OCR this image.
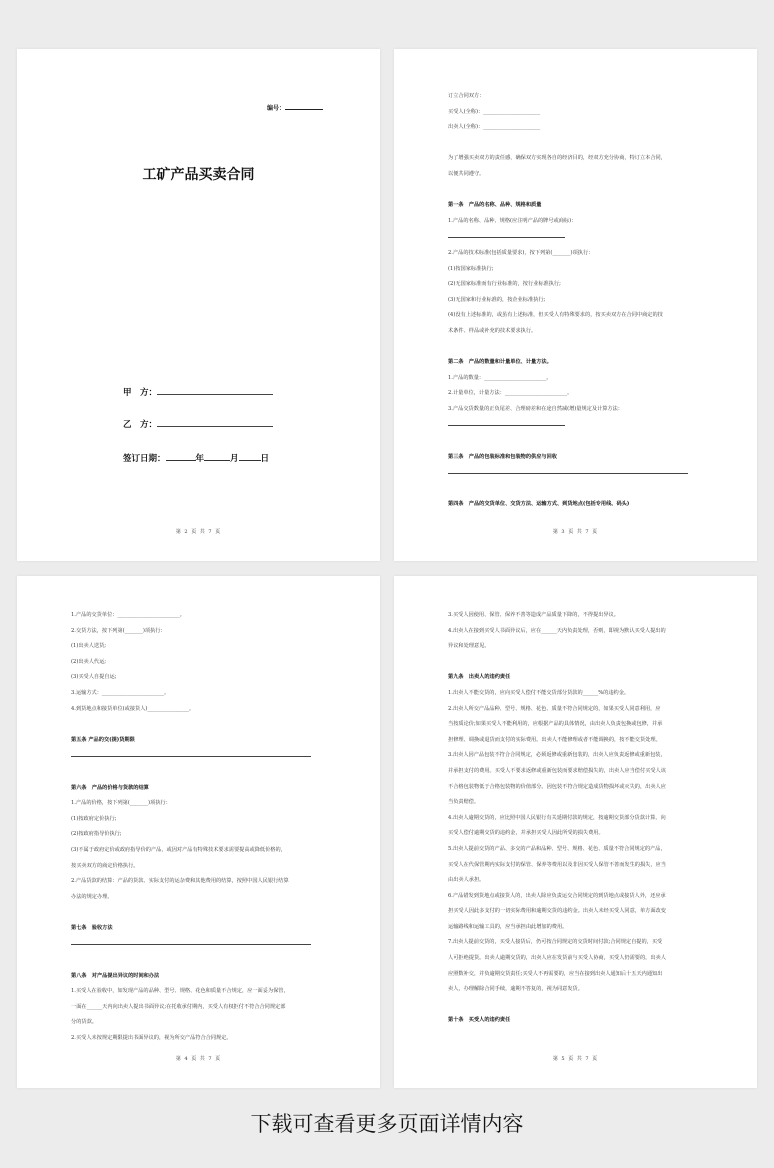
编号：
工矿产品买卖合同
甲　方：
乙　方：
签订日期：	年	月	日
第 2 页 共 7 页

订立合同双方：

买受人(全称)：______________________

出卖人(全称)：______________________

为了增强买卖双方的责任感，确保双方实现各自的经济目的，经双方充分协商，特订立本合同，

以便共同遵守。

第一条　产品的名称、品种、规格和质量

1.产品的名称、品种、规格(应注明产品的牌号或商标)：

2.产品的技术标准(包括质量要求)，按下列第(_______)项执行：

(1)按国家标准执行;

(2)无国家标准而有行业标准的，按行业标准执行;

(3)无国家和行业标准的，按企业标准执行;

(4)没有上述标准的，或虽有上述标准，但买受人有特殊要求的，按买卖双方在合同中商定的技

术条件、样品或补充的技术要求执行。

第二条　产品的数量和计量单位、计量方法。

1.产品的数量：________________________。

2.计量单位，计量方法：________________________。

3.产品交货数量的正负尾差、合理磅差和在途自然减(增)量规定及计算方法：

第三条　产品的包装标准和包装物的供应与回收

第四条　产品的交货单位、交货方法、运输方式、到货地点(包括专用线、码头)

第 3 页 共 7 页

1.产品的交货单位：________________________。

2.交货方法，按下列第(_______)项执行：

(1)出卖人送货;

(2)出卖人代运;

(3)买受人自提自运;

3.运输方式：________________________。

4.到货地点和接货单位(或接货人)________________。

第五条 产品的交(提)货期限

第六条　产品的价格与货款的结算

1.产品的价格，按下列第(_______)项执行：

(1)按政府定价执行;

(2)按政府指导价执行;

(3)不属于政府定价或政府指导价的产品，或因对产品有特殊技术要求需要提高或降低价格的，

按买卖双方的商定价格执行。

2.产品货款的结算：产品的货款、实际支付的运杂费和其他费用的结算，按照中国人民银行结算

办法的规定办理。

第七条　验收方法

第八条　对产品提出异议的时间和办法

1.买受人在验收中，如发现产品的品种、型号、规格、花色和质量不合规定，应一面妥为保管，

一面在______天内向出卖人提出书面异议;在托收承付期内，买受人有权拒付不符合合同规定部

分的货款。

2.买受人未按规定期限提出书面异议的，视为所交产品符合合同规定。

第 4 页 共 7 页

3.买受人因使用、保管、保养不善等造成产品质量下降的，不得提出异议。

4.出卖人在接到买受人书面异议后，应在______天内负责处理，否则，即视为默认买受人提出的

异议和处理意见。

第九条　出卖人的违约责任

1.出卖人不能交货的，应向买受人偿付不能交货部分货款的______%的违约金。

2.出卖人所交产品品种、型号、规格、花色、质量不符合同规定的，如果买受人同意利用，应

当按质论价;如果买受人不能利用的，应根据产品的具体情况，由出卖人负责包换或包修，并承

担修理、调换或退货而支付的实际费用。出卖人不能修理或者不能调换的，按不能交货处理。

3.出卖人因产品包装不符合合同规定，必须返修或重新包装的，出卖人应负责返修或重新包装，

并承担支付的费用。买受人不要求返修或重新包装而要求赔偿损失的，出卖人应当偿付买受人该

不合格包装物低于合格包装物的价值部分。因包装不符合规定造成货物损坏或灭失的，出卖人应

当负责赔偿。

4.出卖人逾期交货的，应比照中国人民银行有关延期付款的规定，按逾期交货部分货款计算，向

买受人偿付逾期交货的违约金，并承担买受人因此所受的损失费用。

5.出卖人提前交货的产品、多交的产品和品种、型号、规格、花色、质量不符合同规定的产品，

买受人在代保管期内实际支付的保管、保养等费用以及非因买受人保管不善而发生的损失，应当

由出卖人承担。

6.产品错发到货地点或接货人的，出卖人除应负责运交合同规定的到货地点或接货人外，还应承

担买受人因此多支付的一切实际费用和逾期交货的违约金。出卖人未经买受人同意，单方面改变

运输路线和运输工具的，应当承担由此增加的费用。

7.出卖人提前交货的，买受人接货后，仍可按合同规定的交货时间付款;合同规定自提的，买受

人可拒绝提货。出卖人逾期交货的，出卖人应在发货前与买受人协商，买受人仍需要的，出卖人

应照数补交，并负逾期交货责任;买受人不再需要的，应当在接到出卖人通知后十五天内通知出

卖人，办理解除合同手续，逾期不答复的，视为同意发货。

第十条　买受人的违约责任

第 5 页 共 7 页
下载可查看更多页面详情内容
